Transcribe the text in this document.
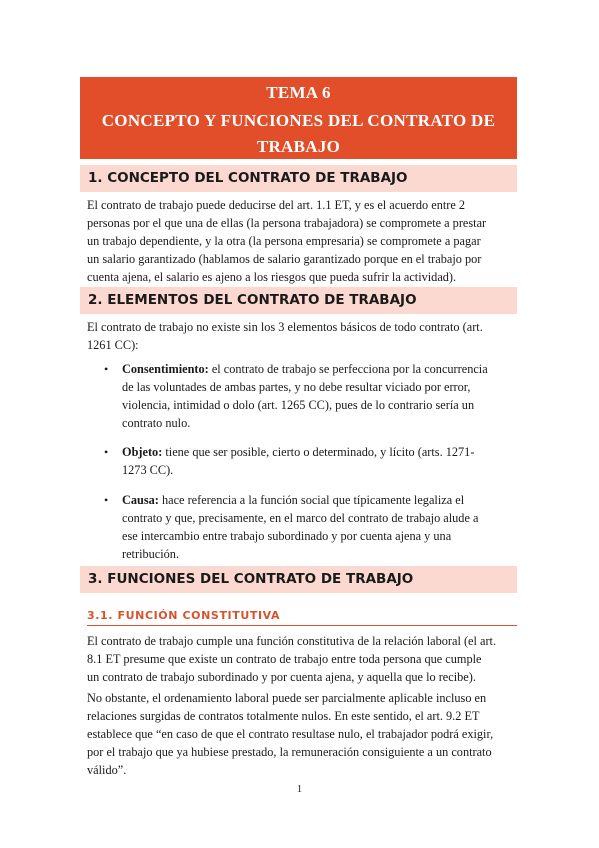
TEMA 6
CONCEPTO Y FUNCIONES DEL CONTRATO DE
TRABAJO
1. CONCEPTO DEL CONTRATO DE TRABAJO
El contrato de trabajo puede deducirse del art. 1.1 ET, y es el acuerdo entre 2
personas por el que una de ellas (la persona trabajadora) se compromete a prestar
un trabajo dependiente, y la otra (la persona empresaria) se compromete a pagar
un salario garantizado (hablamos de salario garantizado porque en el trabajo por
cuenta ajena, el salario es ajeno a los riesgos que pueda sufrir la actividad).
2. ELEMENTOS DEL CONTRATO DE TRABAJO
El contrato de trabajo no existe sin los 3 elementos básicos de todo contrato (art.
1261 CC):
•	Consentimiento: el contrato de trabajo se perfecciona por la concurrencia
de las voluntades de ambas partes, y no debe resultar viciado por error,
violencia, intimidad o dolo (art. 1265 CC), pues de lo contrario sería un
contrato nulo.
•	Objeto: tiene que ser posible, cierto o determinado, y lícito (arts. 1271-
1273 CC).
•	Causa: hace referencia a la función social que típicamente legaliza el
contrato y que, precisamente, en el marco del contrato de trabajo alude a
ese intercambio entre trabajo subordinado y por cuenta ajena y una
retribución.
3. FUNCIONES DEL CONTRATO DE TRABAJO
3.1. FUNCIÓN CONSTITUTIVA
El contrato de trabajo cumple una función constitutiva de la relación laboral (el art.
8.1 ET presume que existe un contrato de trabajo entre toda persona que cumple
un contrato de trabajo subordinado y por cuenta ajena, y aquella que lo recibe).
No obstante, el ordenamiento laboral puede ser parcialmente aplicable incluso en
relaciones surgidas de contratos totalmente nulos. En este sentido, el art. 9.2 ET
establece que “en caso de que el contrato resultase nulo, el trabajador podrá exigir,
por el trabajo que ya hubiese prestado, la remuneración consiguiente a un contrato
válido”.
1
